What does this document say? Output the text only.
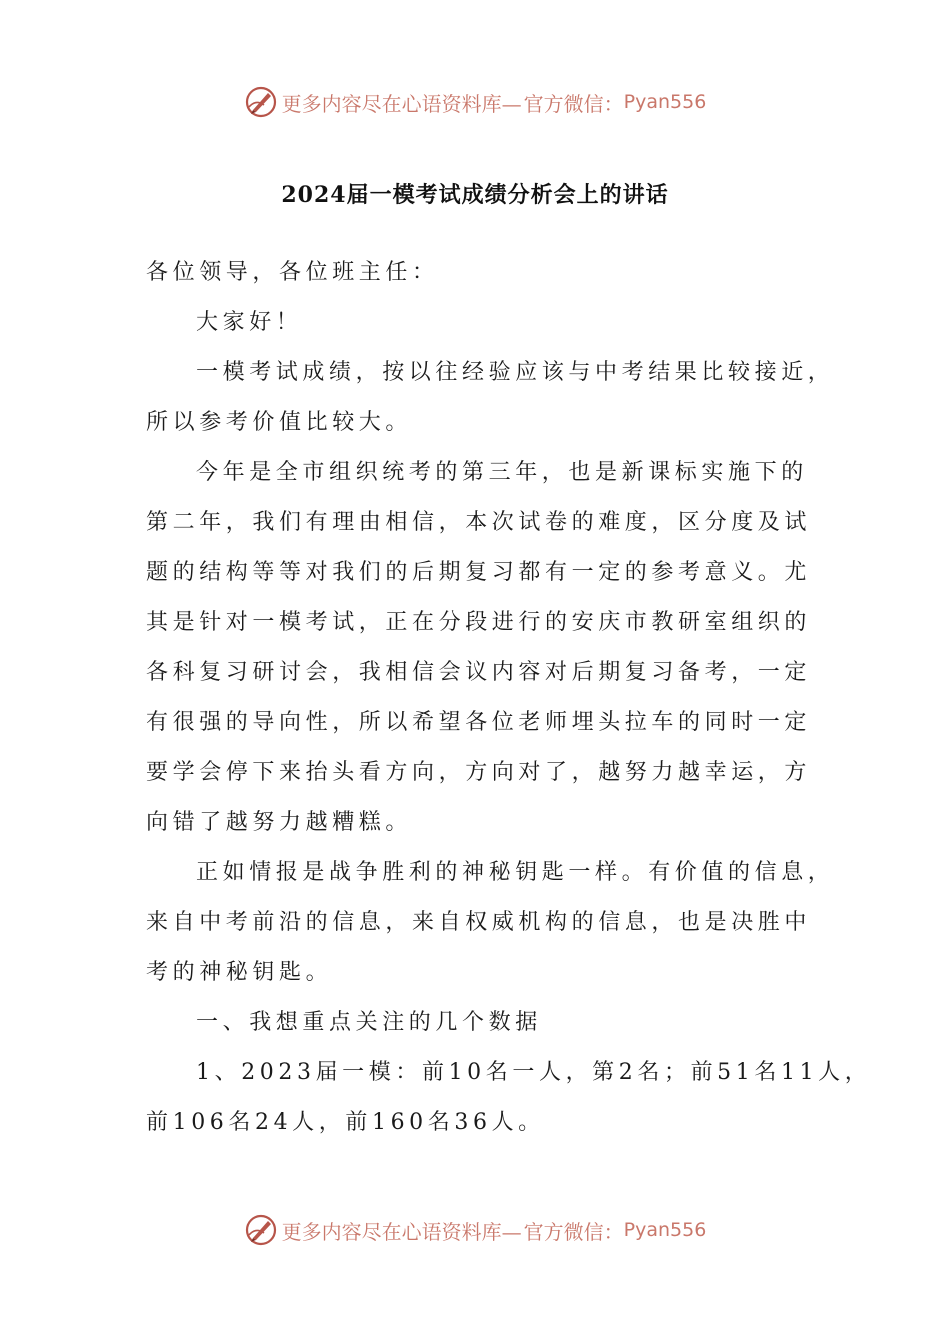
更多内容尽在心语资料库— 官方微信： Pyan556
2024届一模考试成绩分析会上的讲话
各位领导，各位班主任：
大家好！
一模考试成绩，按以往经验应该与中考结果比较接近，
所以参考价值比较大。
今年是全市组织统考的第三年，也是新课标实施下的
第二年，我们有理由相信，本次试卷的难度，区分度及试
题的结构等等对我们的后期复习都有一定的参考意义。尤
其是针对一模考试，正在分段进行的安庆市教研室组织的
各科复习研讨会，我相信会议内容对后期复习备考，一定
有很强的导向性，所以希望各位老师埋头拉车的同时一定
要学会停下来抬头看方向，方向对了，越努力越幸运，方
向错了越努力越糟糕。
正如情报是战争胜利的神秘钥匙一样。有价值的信息，
来自中考前沿的信息，来自权威机构的信息，也是决胜中
考的神秘钥匙。
一、我想重点关注的几个数据
1、2023届一模：前10名一人，第2名；前51名11人，
前106名24人，前160名36人。
更多内容尽在心语资料库— 官方微信： Pyan556
